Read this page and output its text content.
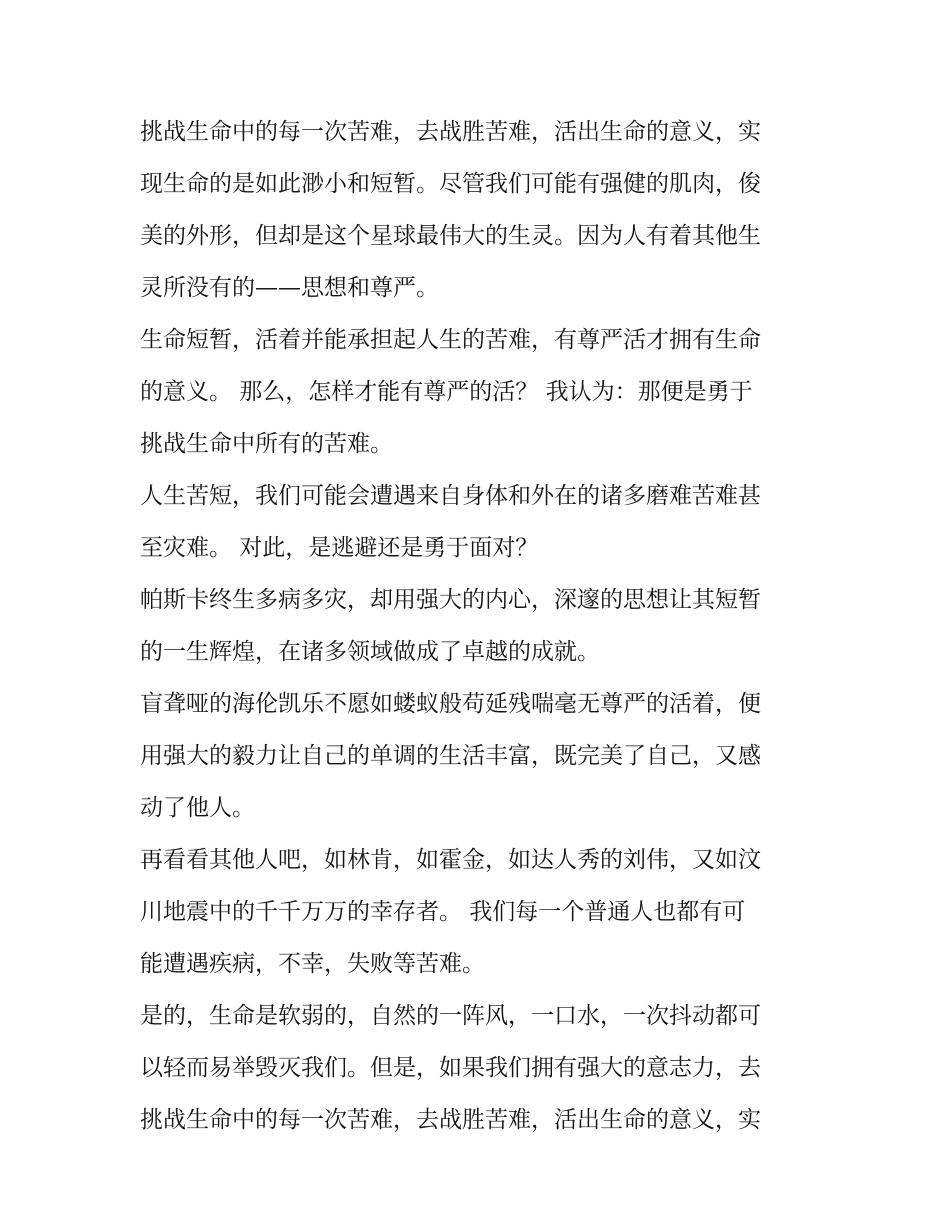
挑战生命中的每一次苦难，去战胜苦难，活出生命的意义，实
现生命的是如此渺小和短暂。尽管我们可能有强健的肌肉，俊
美的外形，但却是这个星球最伟大的生灵。因为人有着其他生
灵所没有的——思想和尊严。
生命短暂，活着并能承担起人生的苦难，有尊严活才拥有生命
的意义。 那么，怎样才能有尊严的活？ 我认为：那便是勇于
挑战生命中所有的苦难。
人生苦短，我们可能会遭遇来自身体和外在的诸多磨难苦难甚
至灾难。 对此，是逃避还是勇于面对？
帕斯卡终生多病多灾，却用强大的内心，深邃的思想让其短暂
的一生辉煌，在诸多领域做成了卓越的成就。
盲聋哑的海伦凯乐不愿如蝼蚁般苟延残喘毫无尊严的活着，便
用强大的毅力让自己的单调的生活丰富，既完美了自己，又感
动了他人。
再看看其他人吧，如林肯，如霍金，如达人秀的刘伟，又如汶
川地震中的千千万万的幸存者。 我们每一个普通人也都有可
能遭遇疾病，不幸，失败等苦难。
是的，生命是软弱的，自然的一阵风，一口水，一次抖动都可
以轻而易举毁灭我们。但是，如果我们拥有强大的意志力，去
挑战生命中的每一次苦难，去战胜苦难，活出生命的意义，实
